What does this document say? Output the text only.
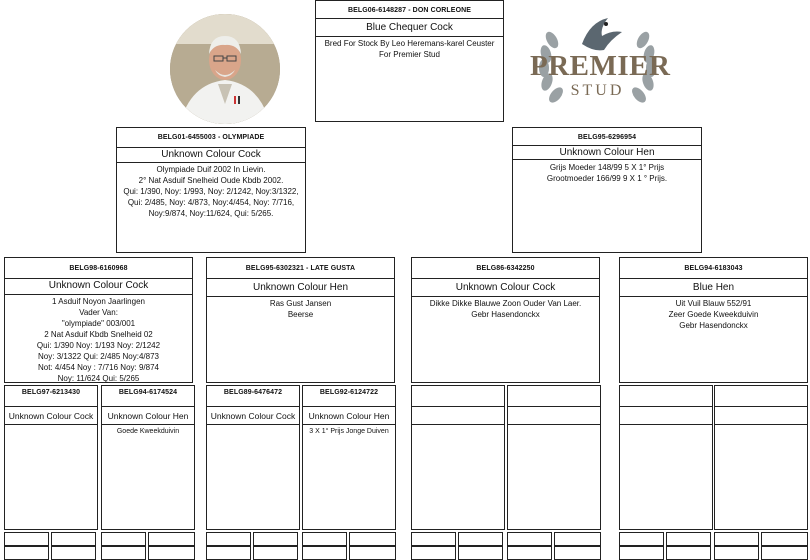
BELG06-6148287 - DON CORLEONE
Blue Chequer Cock
Bred For Stock By Leo Heremans-karel Ceuster
For Premier Stud	PREMIER
STUD
BELG01-6455003 - OLYMPIADE
Unknown Colour Cock
Olympiade Duif 2002 In Lievin.
2° Nat Asduif Snelheid Oude Kbdb 2002.
Qui: 1/390, Noy: 1/993, Noy: 2/1242, Noy:3/1322,
Qui: 2/485, Noy: 4/873, Noy:4/454, Noy: 7/716,
Noy:9/874, Noy:11/624, Qui: 5/265.
BELG95-6296954
Unknown Colour Hen
Grijs Moeder 148/99 5 X 1° Prijs
Grootmoeder 166/99 9 X 1 ° Prijs.
BELG98-6160968
Unknown Colour Cock
1 Asduif Noyon Jaarlingen
Vader Van:
"olympiade" 003/001
2 Nat Asduif Kbdb Snelheid 02
Qui: 1/390 Noy: 1/193 Noy: 2/1242
Noy: 3/1322 Qui: 2/485 Noy:4/873
Not: 4/454 Noy : 7/716 Noy: 9/874
Noy: 11/624 Qui: 5/265
BELG95-6302321 - LATE GUSTA
Unknown Colour Hen
Ras Gust Jansen
Beerse
BELG86-6342250
Unknown Colour Cock
Dikke Dikke Blauwe Zoon Ouder Van Laer.
Gebr Hasendonckx
BELG94-6183043
Blue Hen
Uit Vuil Blauw 552/91
Zeer Goede Kweekduivin
Gebr Hasendonckx
BELG97-6213430
Unknown Colour Cock
BELG94-6174524
Unknown Colour Hen
Goede Kweekduivin
BELG89-6476472
Unknown Colour Cock
BELG92-6124722
Unknown Colour Hen
3 X 1° Prijs Jonge Duiven
